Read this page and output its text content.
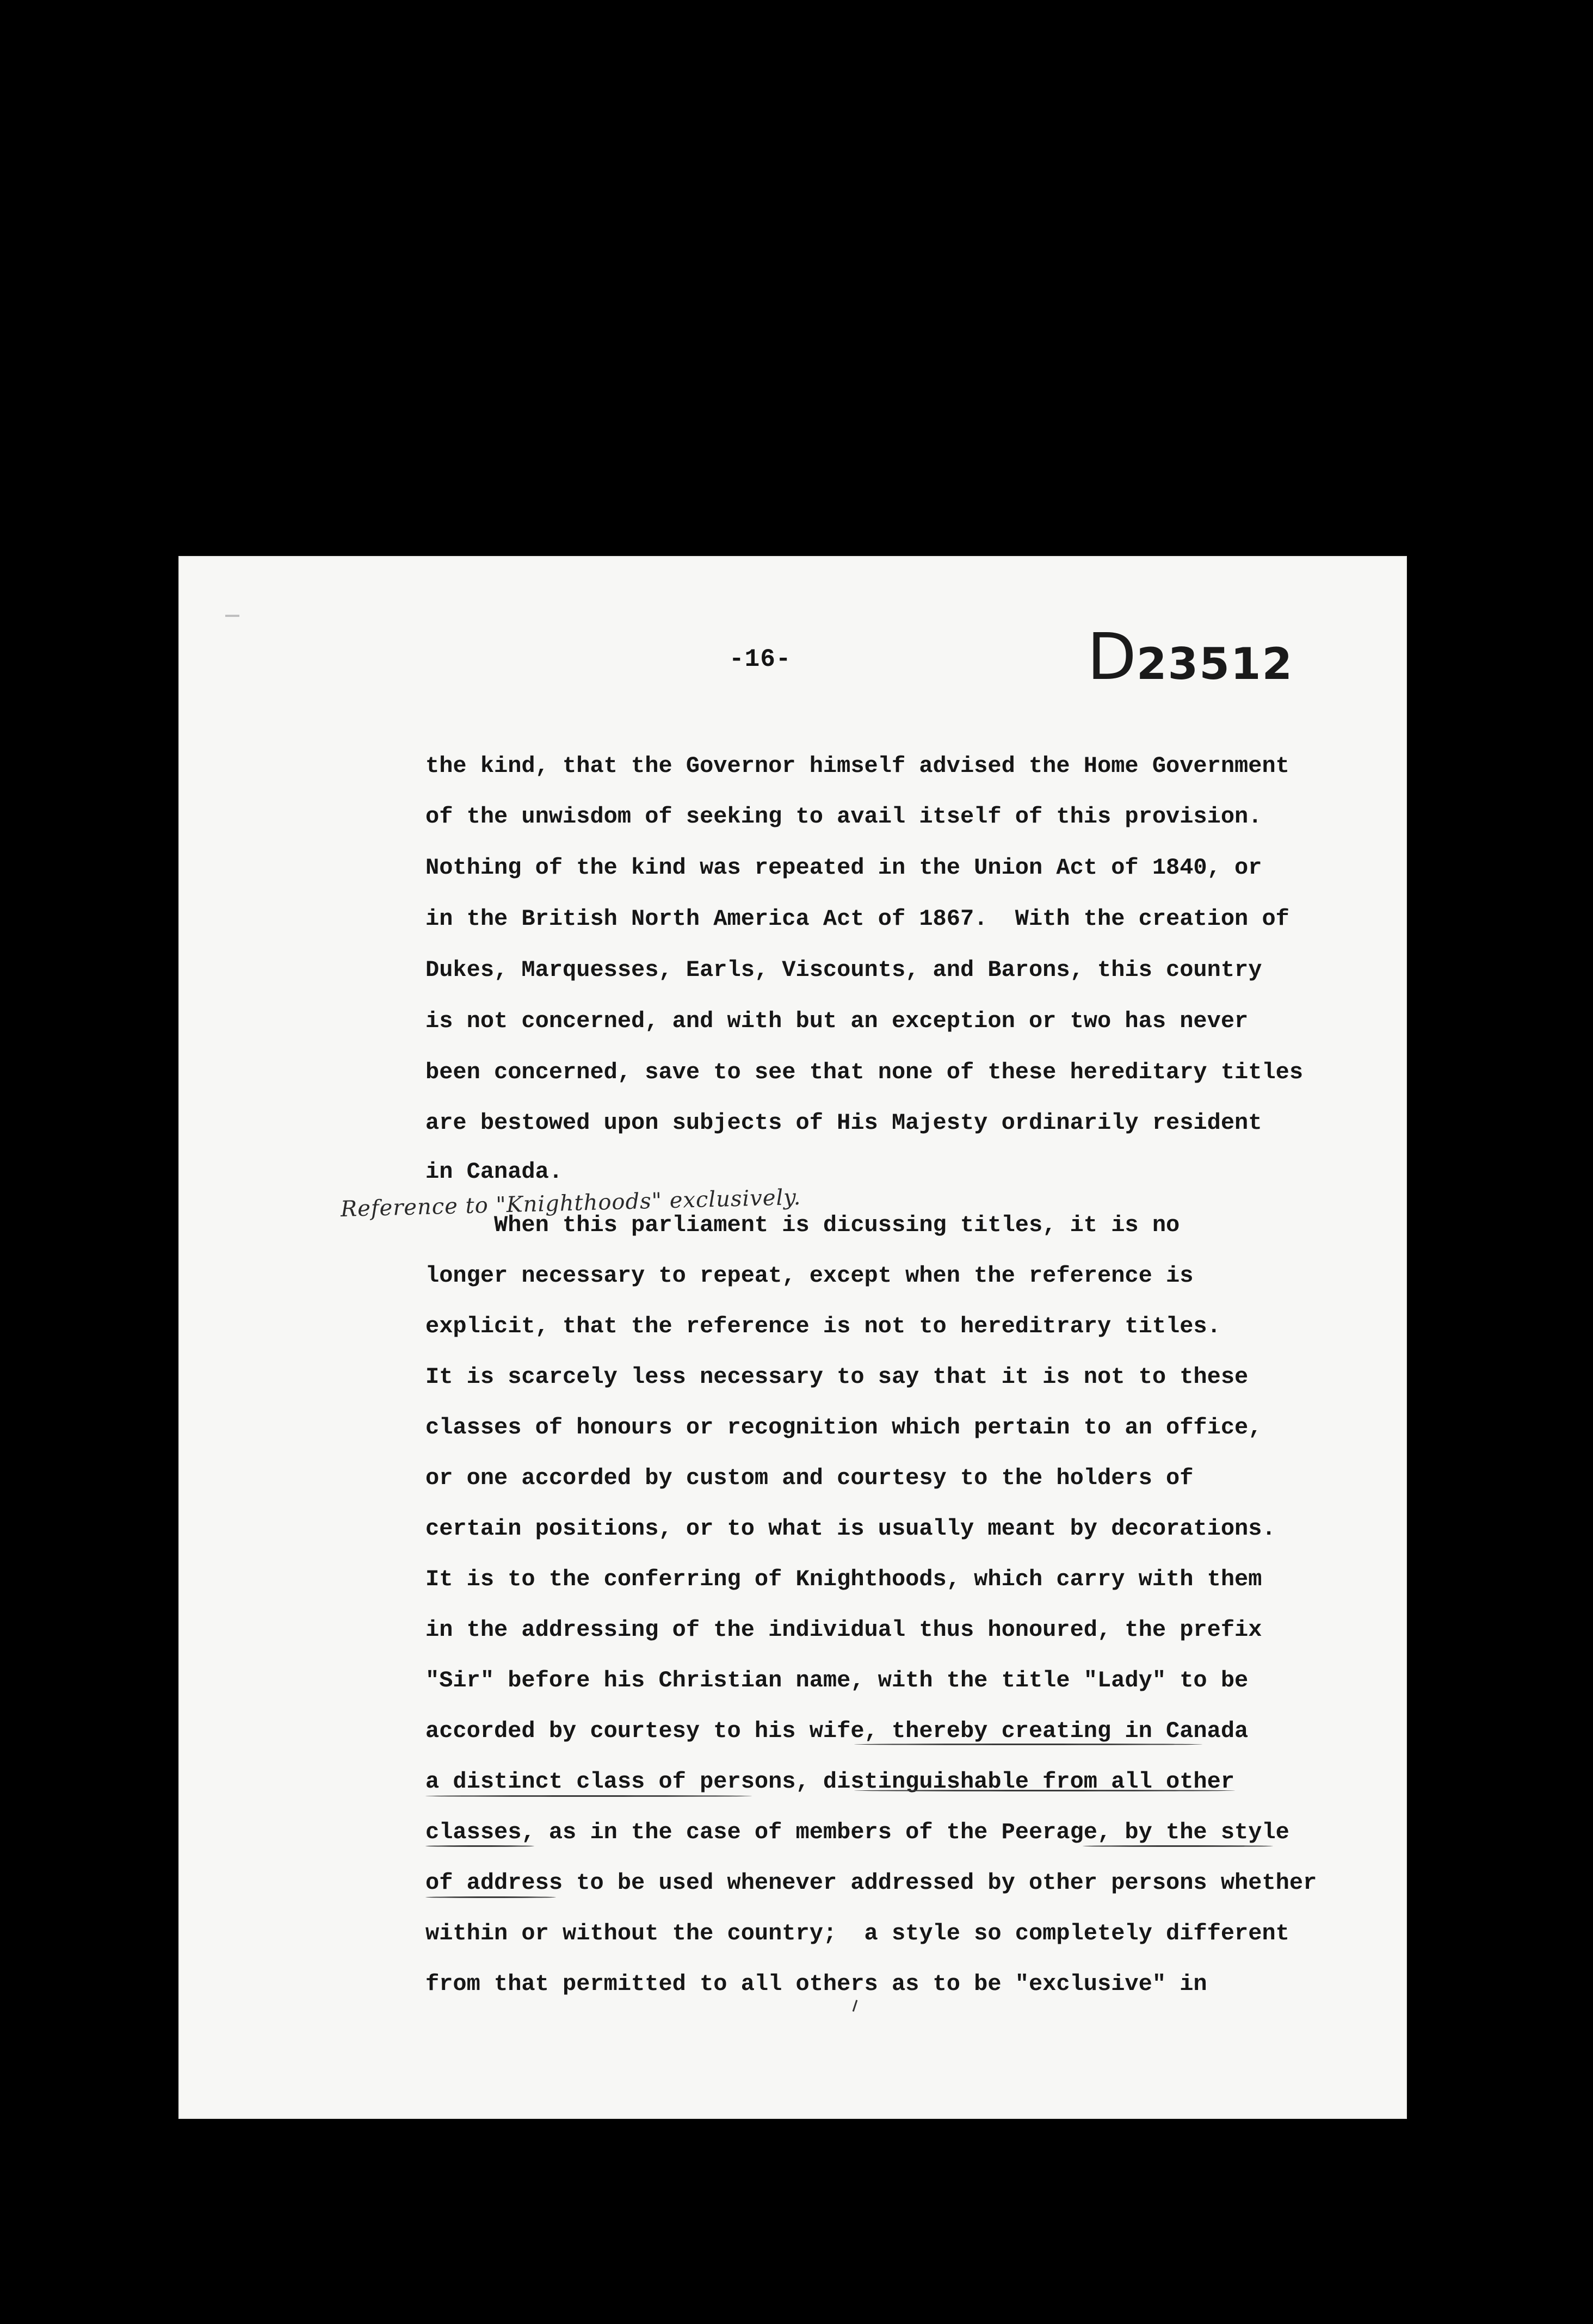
-16-	D23512
the kind, that the Governor himself advised the Home Government
of the unwisdom of seeking to avail itself of this provision.
Nothing of the kind was repeated in the Union Act of 1840, or
in the British North America Act of 1867.  With the creation of
Dukes, Marquesses, Earls, Viscounts, and Barons, this country
is not concerned, and with but an exception or two has never
been concerned, save to see that none of these hereditary titles
are bestowed upon subjects of His Majesty ordinarily resident
in Canada.
Reference to "Knighthoods" exclusively.
When this parliament is dicussing titles, it is no
longer necessary to repeat, except when the reference is
explicit, that the reference is not to hereditrary titles.
It is scarcely less necessary to say that it is not to these
classes of honours or recognition which pertain to an office,
or one accorded by custom and courtesy to the holders of
certain positions, or to what is usually meant by decorations.
It is to the conferring of Knighthoods, which carry with them
in the addressing of the individual thus honoured, the prefix
"Sir" before his Christian name, with the title "Lady" to be
accorded by courtesy to his wife, thereby creating in Canada
a distinct class of persons, distinguishable from all other
classes, as in the case of members of the Peerage, by the style
of address to be used whenever addressed by other persons whether
within or without the country;  a style so completely different
from that permitted to all others as to be "exclusive" in
